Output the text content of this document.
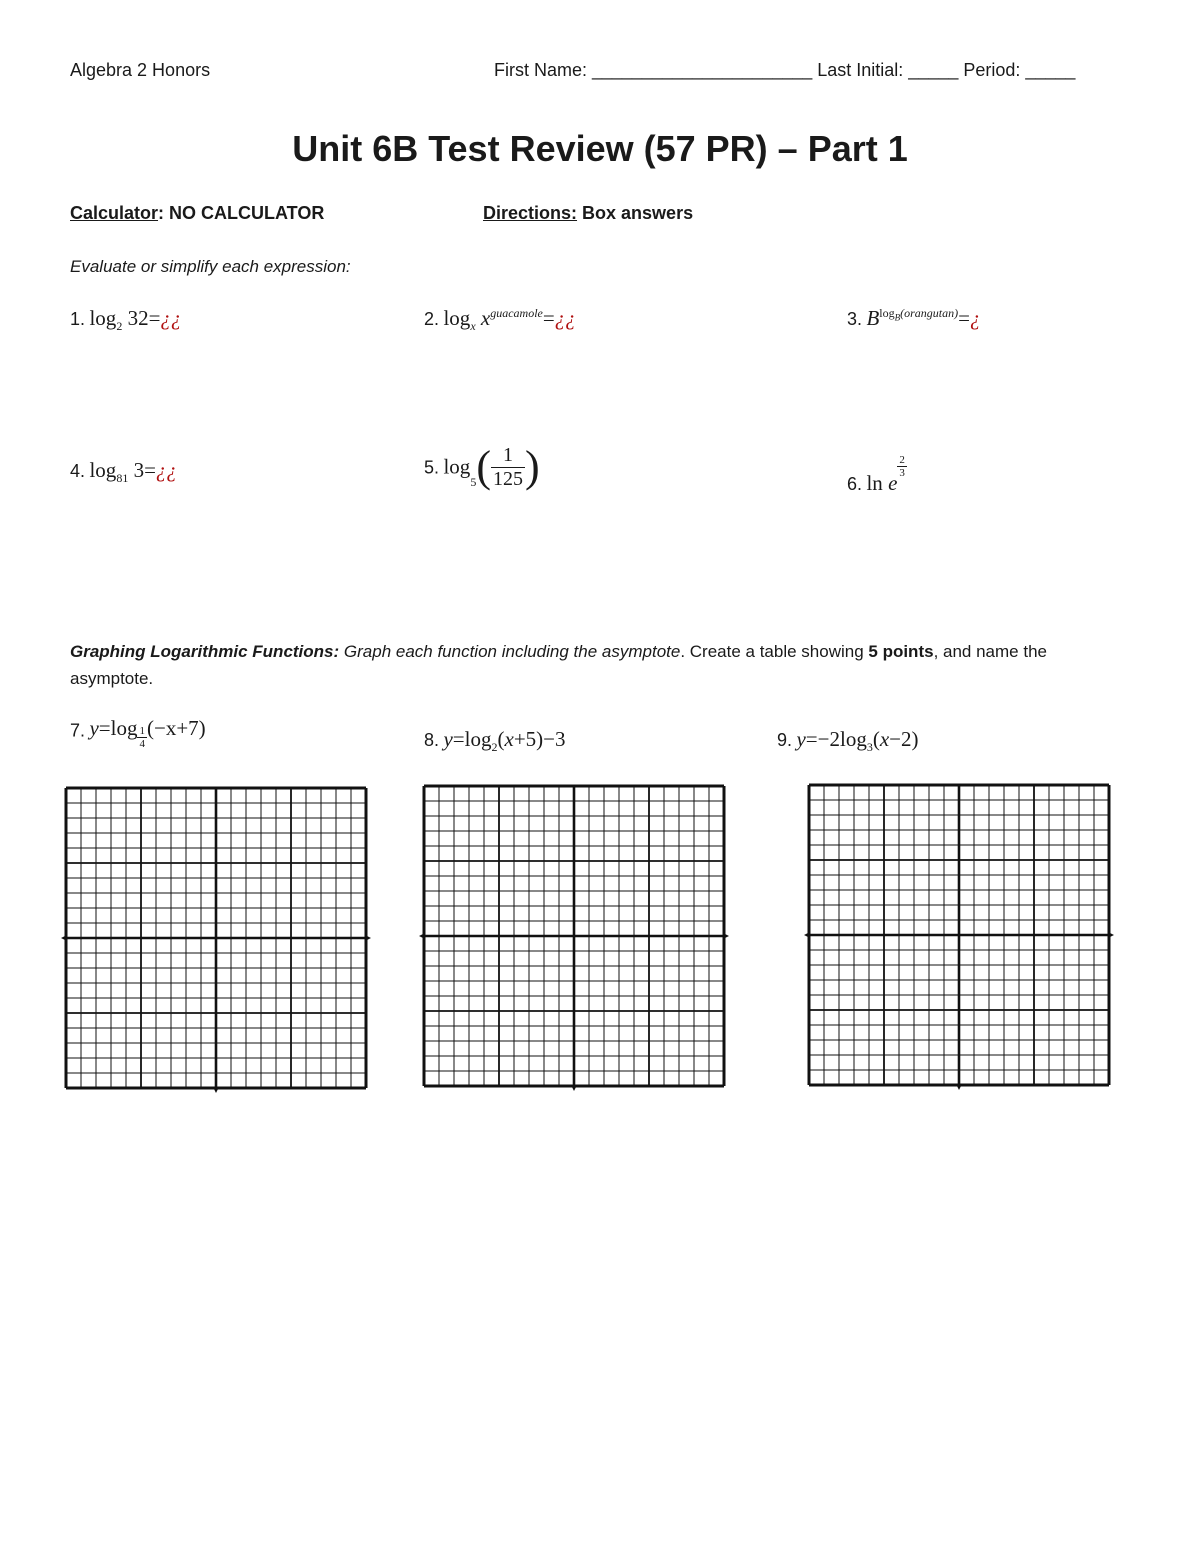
Algebra 2 Honors	First Name: ______________________ Last Initial: _____ Period: _____
Unit 6B Test Review (57 PR) – Part 1
Calculator: NO CALCULATOR	Directions: Box answers
Evaluate or simplify each expression:
1. $\log_2$ 32=¿¿	2. $\log_x$ $x^{guacamole}=¿¿$	3. $B^{log_B(orangutan)}=¿$
4. $\log_{81}$ 3=¿¿	5. $\log_5( \frac{1}{125}$ )	6. ln e
$\frac{2}{3}$
Graphing Logarithmic Functions: Graph each function including the asymptote. Create a table showing 5 points, and name the asymptote.
7. $y=\log \frac{1}{4} (-x+7)$	8. $y=\log_2(x+5)-3$	9. $y=-2\log_3(x-2)$
